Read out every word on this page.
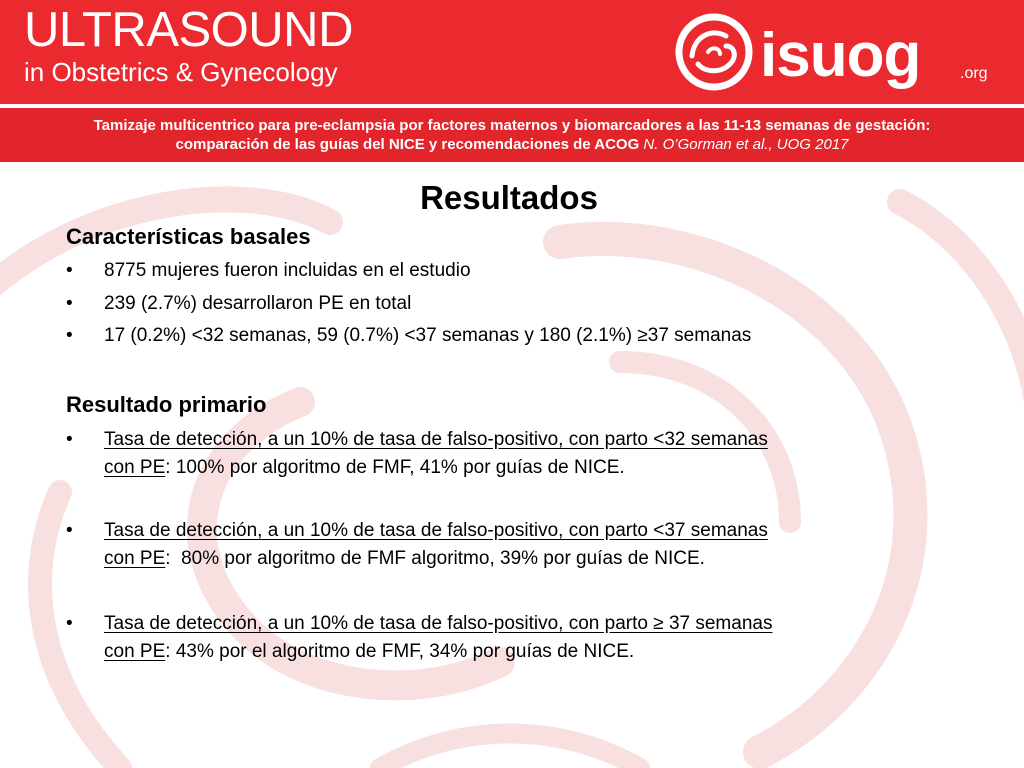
ULTRASOUND
in Obstetrics & Gynecology	isuog .org
Tamizaje multicentrico para pre-eclampsia por factores maternos y biomarcadores a las 11-13 semanas de gestación:
comparación de las guías del NICE y recomendaciones de ACOG N. O’Gorman et al., UOG 2017
Resultados
Características basales
•	8775 mujeres fueron incluidas en el estudio
•	239 (2.7%) desarrollaron PE en total
•	17 (0.2%) <32 semanas, 59 (0.7%) <37 semanas y 180 (2.1%) ≥37 semanas
Resultado primario
•	Tasa de detección, a un 10% de tasa de falso-positivo, con parto <32 semanas
con PE: 100% por algoritmo de FMF, 41% por guías de NICE.
•	Tasa de detección, a un 10% de tasa de falso-positivo, con parto <37 semanas
con PE:  80% por algoritmo de FMF algoritmo, 39% por guías de NICE.
•	Tasa de detección, a un 10% de tasa de falso-positivo, con parto ≥ 37 semanas
con PE: 43% por el algoritmo de FMF, 34% por guías de NICE.
